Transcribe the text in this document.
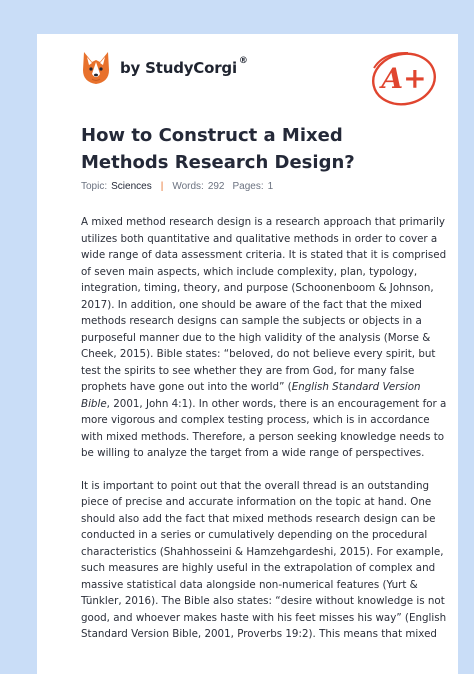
by StudyCorgi ®
A+
How to Construct a Mixed Methods Research Design?
Topic: Sciences | Words: 292 Pages: 1

A mixed method research design is a research approach that primarily utilizes both quantitative and qualitative methods in order to cover a wide range of data assessment criteria. It is stated that it is comprised of seven main aspects, which include complexity, plan, typology, integration, timing, theory, and purpose (Schoonenboom & Johnson, 2017). In addition, one should be aware of the fact that the mixed methods research designs can sample the subjects or objects in a purposeful manner due to the high validity of the analysis (Morse & Cheek, 2015). Bible states: “beloved, do not believe every spirit, but test the spirits to see whether they are from God, for many false prophets have gone out into the world” (English Standard Version Bible, 2001, John 4:1). In other words, there is an encouragement for a more vigorous and complex testing process, which is in accordance with mixed methods. Therefore, a person seeking knowledge needs to be willing to analyze the target from a wide range of perspectives.

It is important to point out that the overall thread is an outstanding piece of precise and accurate information on the topic at hand. One should also add the fact that mixed methods research design can be conducted in a series or cumulatively depending on the procedural characteristics (Shahhosseini & Hamzehgardeshi, 2015). For example, such measures are highly useful in the extrapolation of complex and massive statistical data alongside non-numerical features (Yurt & Tünkler, 2016). The Bible also states: “desire without knowledge is not good, and whoever makes haste with his feet misses his way” (English Standard Version Bible, 2001, Proverbs 19:2). This means that mixed
